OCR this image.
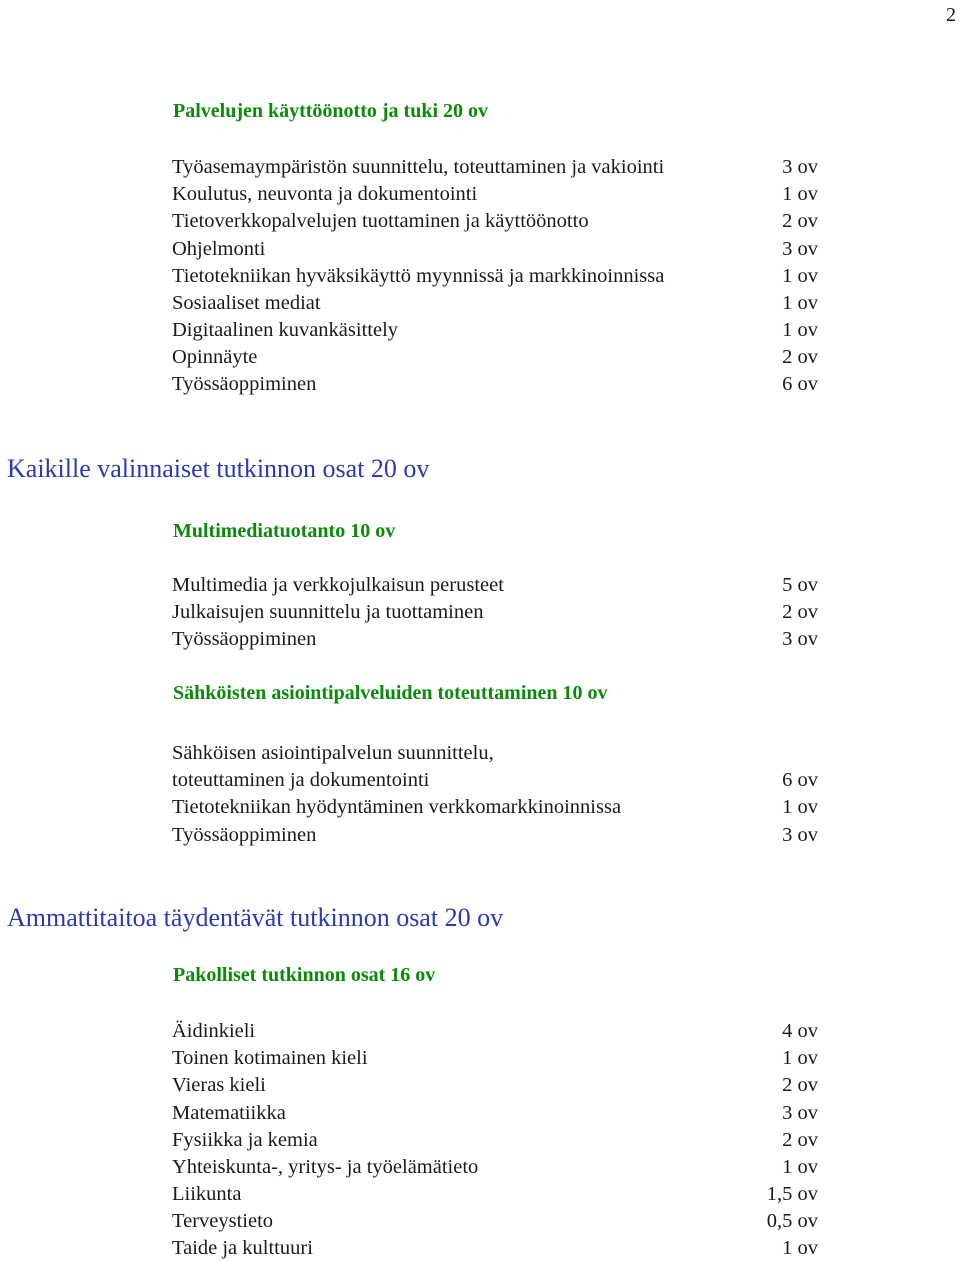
2
Palvelujen käyttöönotto ja tuki 20 ov
Työasemaympäristön suunnittelu, toteuttaminen ja vakiointi	3 ov
Koulutus, neuvonta ja dokumentointi	1 ov
Tietoverkkopalvelujen tuottaminen ja käyttöönotto	2 ov
Ohjelmonti	3 ov
Tietotekniikan hyväksikäyttö myynnissä ja markkinoinnissa	1 ov
Sosiaaliset mediat	1 ov
Digitaalinen kuvankäsittely	1 ov
Opinnäyte	2 ov
Työssäoppiminen	6 ov
Kaikille valinnaiset tutkinnon osat 20 ov
Multimediatuotanto 10 ov
Multimedia ja verkkojulkaisun perusteet	5 ov
Julkaisujen suunnittelu ja tuottaminen	2 ov
Työssäoppiminen	3 ov
Sähköisten asiointipalveluiden toteuttaminen 10 ov
Sähköisen asiointipalvelun suunnittelu,
toteuttaminen ja dokumentointi	6 ov
Tietotekniikan hyödyntäminen verkkomarkkinoinnissa	1 ov
Työssäoppiminen	3 ov
Ammattitaitoa täydentävät tutkinnon osat 20 ov
Pakolliset tutkinnon osat 16 ov
Äidinkieli	4 ov
Toinen kotimainen kieli	1 ov
Vieras kieli	2 ov
Matematiikka	3 ov
Fysiikka ja kemia	2 ov
Yhteiskunta-, yritys- ja työelämätieto	1 ov
Liikunta	1,5 ov
Terveystieto	0,5 ov
Taide ja kulttuuri	1 ov
